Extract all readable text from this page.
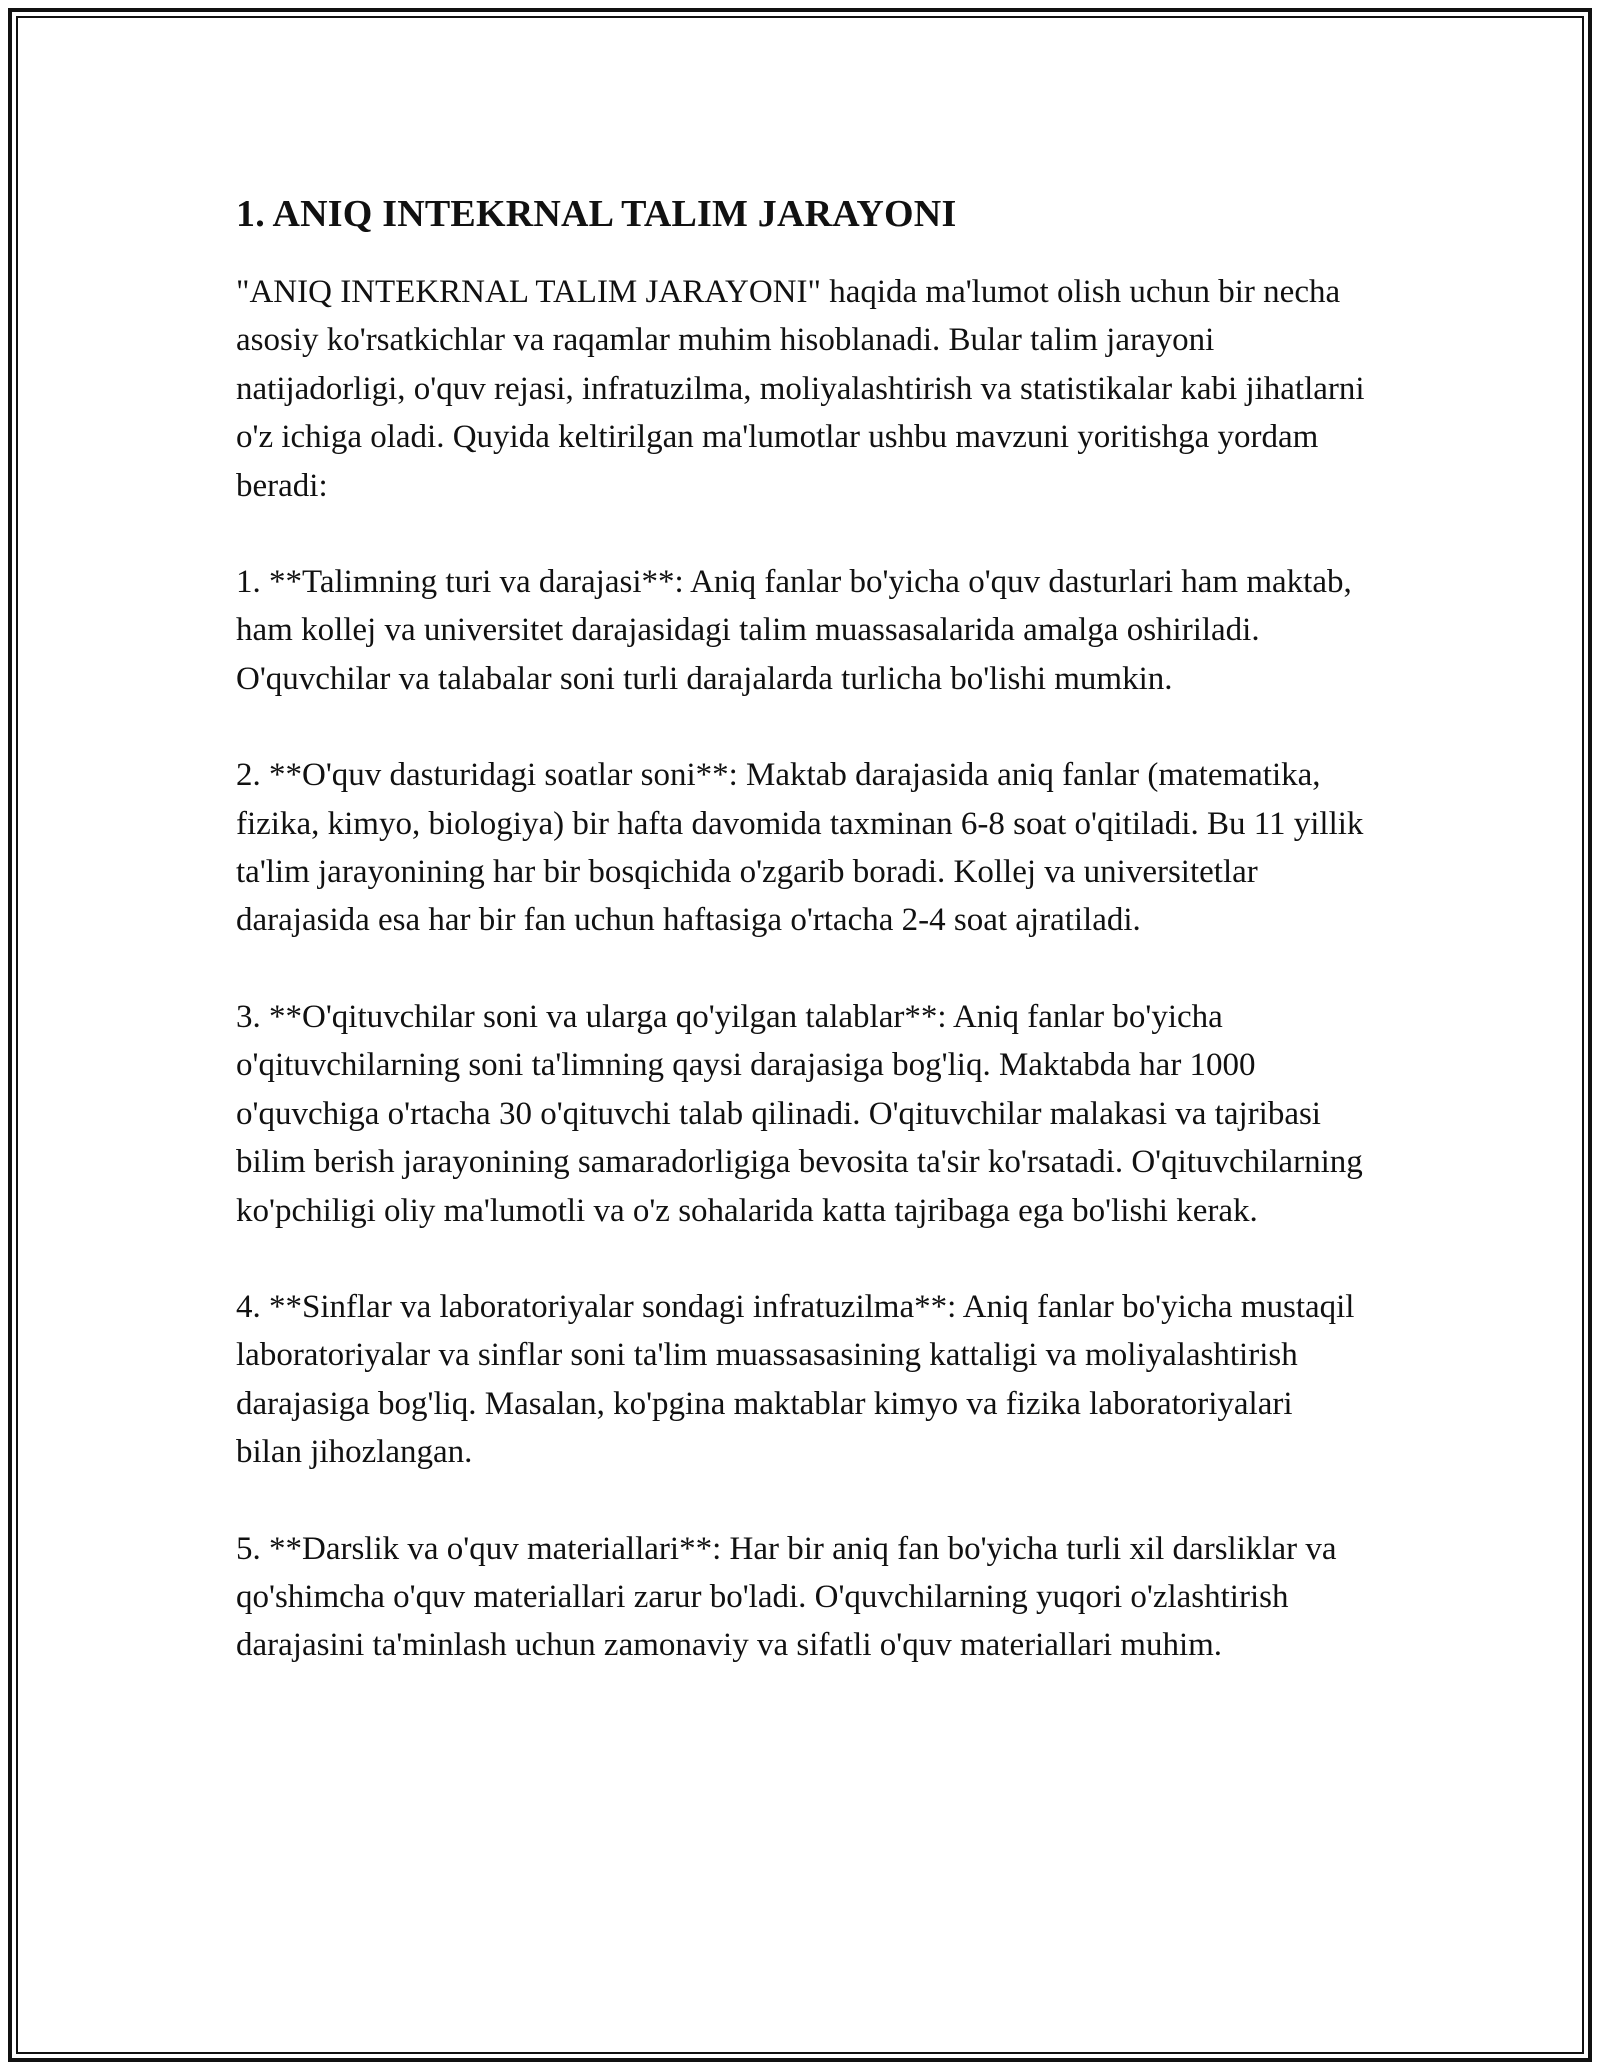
1. ANIQ INTEKRNAL TALIM JARAYONI

"ANIQ INTEKRNAL TALIM JARAYONI" haqida ma'lumot olish uchun bir necha asosiy ko'rsatkichlar va raqamlar muhim hisoblanadi. Bular talim jarayoni natijadorligi, o'quv rejasi, infratuzilma, moliyalashtirish va statistikalar kabi jihatlarni o'z ichiga oladi. Quyida keltirilgan ma'lumotlar ushbu mavzuni yoritishga yordam beradi:

1. **Talimning turi va darajasi**: Aniq fanlar bo'yicha o'quv dasturlari ham maktab, ham kollej va universitet darajasidagi talim muassasalarida amalga oshiriladi. O'quvchilar va talabalar soni turli darajalarda turlicha bo'lishi mumkin.

2. **O'quv dasturidagi soatlar soni**: Maktab darajasida aniq fanlar (matematika, fizika, kimyo, biologiya) bir hafta davomida taxminan 6-8 soat o'qitiladi. Bu 11 yillik ta'lim jarayonining har bir bosqichida o'zgarib boradi. Kollej va universitetlar darajasida esa har bir fan uchun haftasiga o'rtacha 2-4 soat ajratiladi.

3. **O'qituvchilar soni va ularga qo'yilgan talablar**: Aniq fanlar bo'yicha o'qituvchilarning soni ta'limning qaysi darajasiga bog'liq. Maktabda har 1000 o'quvchiga o'rtacha 30 o'qituvchi talab qilinadi. O'qituvchilar malakasi va tajribasi bilim berish jarayonining samaradorligiga bevosita ta'sir ko'rsatadi. O'qituvchilarning ko'pchiligi oliy ma'lumotli va o'z sohalarida katta tajribaga ega bo'lishi kerak.

4. **Sinflar va laboratoriyalar sondagi infratuzilma**: Aniq fanlar bo'yicha mustaqil laboratoriyalar va sinflar soni ta'lim muassasasining kattaligi va moliyalashtirish darajasiga bog'liq. Masalan, ko'pgina maktablar kimyo va fizika laboratoriyalari bilan jihozlangan.

5. **Darslik va o'quv materiallari**: Har bir aniq fan bo'yicha turli xil darsliklar va qo'shimcha o'quv materiallari zarur bo'ladi. O'quvchilarning yuqori o'zlashtirish darajasini ta'minlash uchun zamonaviy va sifatli o'quv materiallari muhim.
